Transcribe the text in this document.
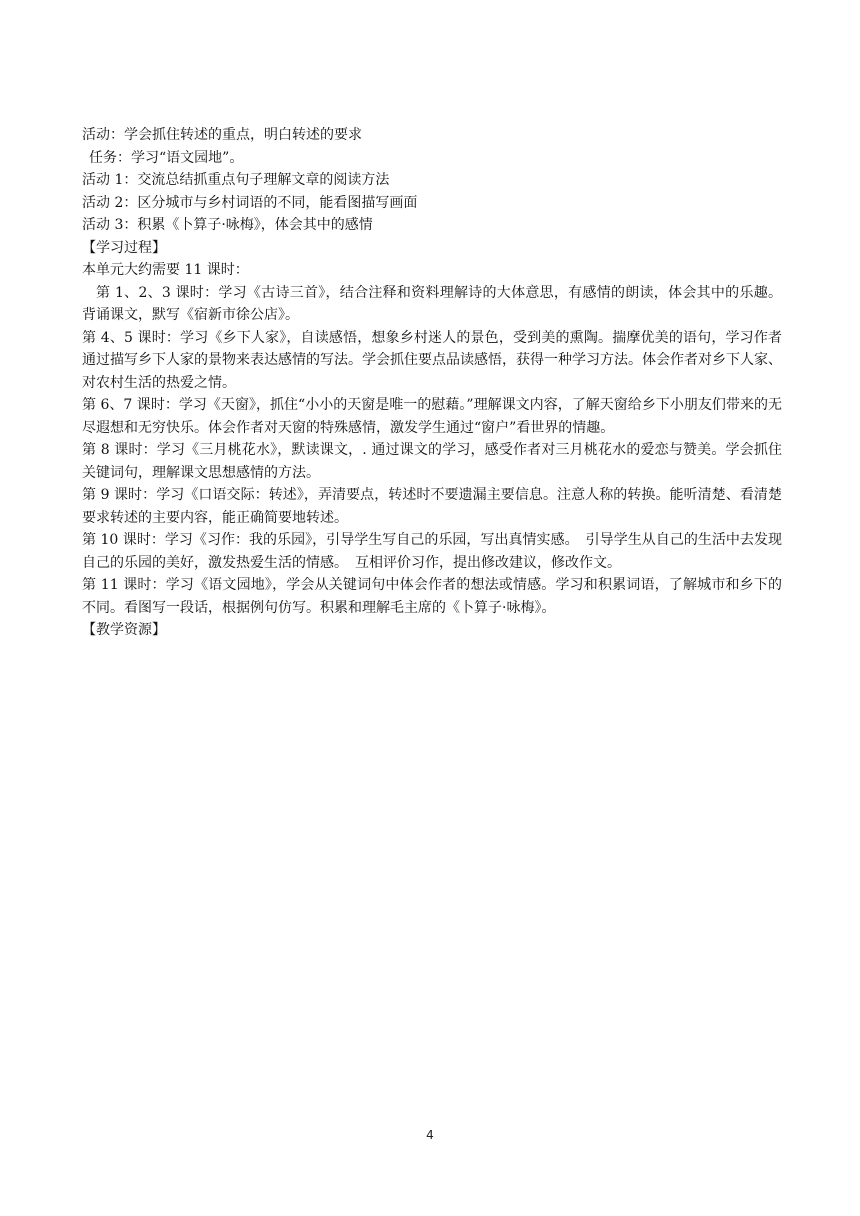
活动：学会抓住转述的重点，明白转述的要求

任务：学习“语文园地”。

活动 1：交流总结抓重点句子理解文章的阅读方法

活动 2：区分城市与乡村词语的不同，能看图描写画面

活动 3：积累《卜算子·咏梅》，体会其中的感情

【学习过程】

本单元大约需要 11 课时：

第 1、2、3 课时：学习《古诗三首》，结合注释和资料理解诗的大体意思，有感情的朗读，体会其中的乐趣。背诵课文，默写《宿新市徐公店》。

第 4、5 课时：学习《乡下人家》，自读感悟，想象乡村迷人的景色，受到美的熏陶。揣摩优美的语句，学习作者通过描写乡下人家的景物来表达感情的写法。学会抓住要点品读感悟，获得一种学习方法。体会作者对乡下人家、对农村生活的热爱之情。

第 6、7 课时：学习《天窗》，抓住“小小的天窗是唯一的慰藉。”理解课文内容，了解天窗给乡下小朋友们带来的无尽遐想和无穷快乐。体会作者对天窗的特殊感情，激发学生通过“窗户”看世界的情趣。

第 8 课时：学习《三月桃花水》，默读课文，. 通过课文的学习，感受作者对三月桃花水的爱恋与赞美。学会抓住关键词句，理解课文思想感情的方法。

第 9 课时：学习《口语交际：转述》，弄清要点，转述时不要遗漏主要信息。注意人称的转换。能听清楚、看清楚要求转述的主要内容，能正确简要地转述。

第 10 课时：学习《习作：我的乐园》，引导学生写自己的乐园，写出真情实感。　引导学生从自己的生活中去发现自己的乐园的美好，激发热爱生活的情感。　互相评价习作，提出修改建议，修改作文。

第 11 课时：学习《语文园地》，学会从关键词句中体会作者的想法或情感。学习和积累词语，了解城市和乡下的不同。看图写一段话，根据例句仿写。积累和理解毛主席的《卜算子·咏梅》。

【教学资源】

4
